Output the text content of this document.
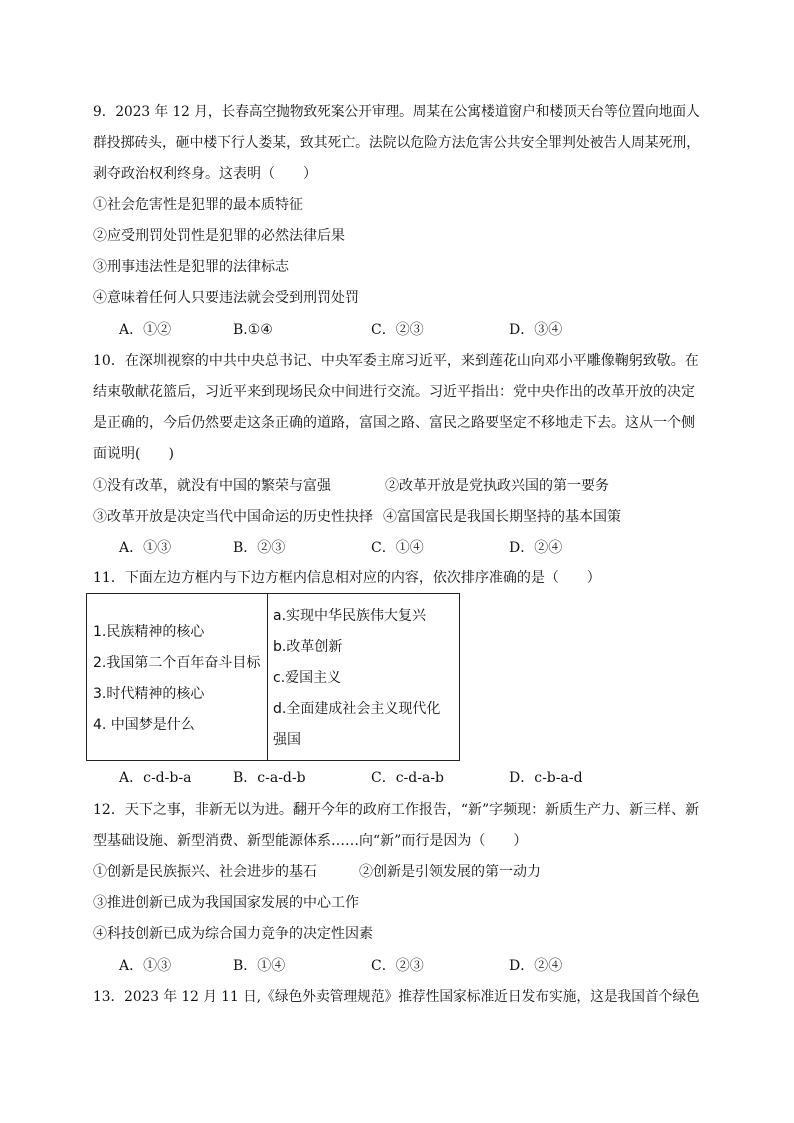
9．2023 年 12 月，长春高空抛物致死案公开审理。周某在公寓楼道窗户和楼顶天台等位置向地面人
群投掷砖头，砸中楼下行人娄某，致其死亡。法院以危险方法危害公共安全罪判处被告人周某死刑，
剥夺政治权利终身。这表明（　　）
①社会危害性是犯罪的最本质特征
②应受刑罚处罚性是犯罪的必然法律后果
③刑事违法性是犯罪的法律标志
④意味着任何人只要违法就会受到刑罚处罚
A．①②	B.①④	C．②③	D．③④
10．在深圳视察的中共中央总书记、中央军委主席习近平，来到莲花山向邓小平雕像鞠躬致敬。在
结束敬献花篮后，习近平来到现场民众中间进行交流。习近平指出：党中央作出的改革开放的决定
是正确的，今后仍然要走这条正确的道路，富国之路、富民之路要坚定不移地走下去。这从一个侧
面说明(　　)
①没有改革，就没有中国的繁荣与富强	②改革开放是党执政兴国的第一要务
③改革开放是决定当代中国命运的历史性抉择 ④富国富民是我国长期坚持的基本国策
A．①③	B．②③	C．①④	D．②④
11．下面左边方框内与下边方框内信息相对应的内容，依次排序准确的是（　　）
1.民族精神的核心
2.我国第二个百年奋斗目标
3.时代精神的核心
4. 中国梦是什么
a.实现中华民族伟大复兴
b.改革创新
c.爱国主义
d.全面建成社会主义现代化
强国
A．c-d-b-a	B．c-a-d-b	C．c-d-a-b	D．c-b-a-d
12．天下之事，非新无以为进。翻开今年的政府工作报告，“新”字频现：新质生产力、新三样、新
型基础设施、新型消费、新型能源体系……向“新”而行是因为（　　）
①创新是民族振兴、社会进步的基石	②创新是引领发展的第一动力
③推进创新已成为我国国家发展的中心工作
④科技创新已成为综合国力竞争的决定性因素
A．①③	B．①④	C．②③	D．②④
13．2023 年 12 月 11 日,《绿色外卖管理规范》推荐性国家标准近日发布实施，这是我国首个绿色
